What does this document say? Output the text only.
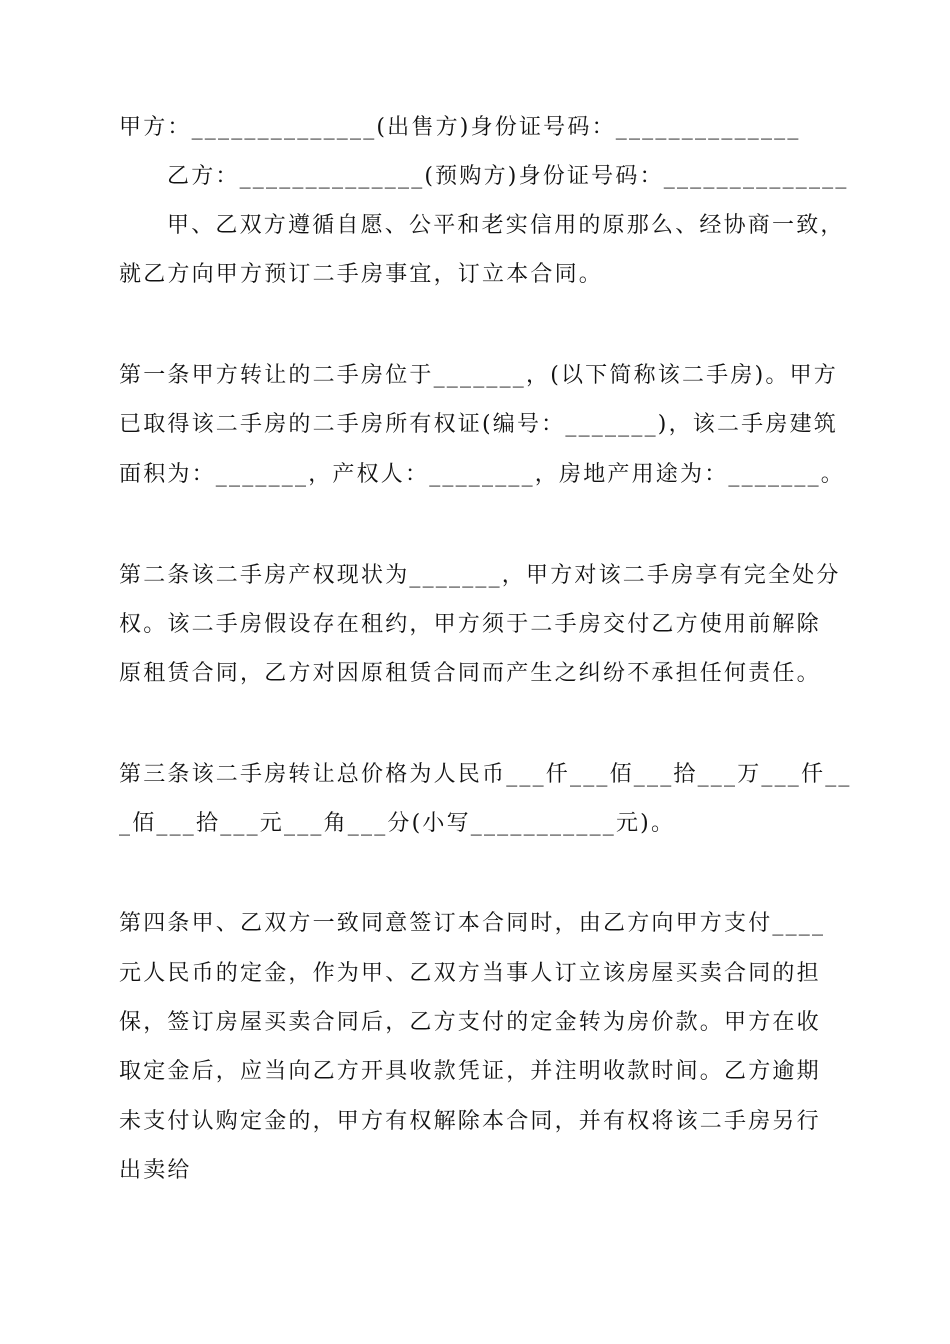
甲方：______________(出售方)身份证号码：______________
乙方：______________(预购方)身份证号码：______________
甲、乙双方遵循自愿、公平和老实信用的原那么、经协商一致，
就乙方向甲方预订二手房事宜，订立本合同。
第一条甲方转让的二手房位于_______，(以下简称该二手房)。甲方
已取得该二手房的二手房所有权证(编号：_______)，该二手房建筑
面积为：_______，产权人：________，房地产用途为：_______。
第二条该二手房产权现状为_______，甲方对该二手房享有完全处分
权。该二手房假设存在租约，甲方须于二手房交付乙方使用前解除
原租赁合同，乙方对因原租赁合同而产生之纠纷不承担任何责任。
第三条该二手房转让总价格为人民币___仟___佰___拾___万___仟__
_佰___拾___元___角___分(小写___________元)。
第四条甲、乙双方一致同意签订本合同时，由乙方向甲方支付____
元人民币的定金，作为甲、乙双方当事人订立该房屋买卖合同的担
保，签订房屋买卖合同后，乙方支付的定金转为房价款。甲方在收
取定金后，应当向乙方开具收款凭证，并注明收款时间。乙方逾期
未支付认购定金的，甲方有权解除本合同，并有权将该二手房另行
出卖给
